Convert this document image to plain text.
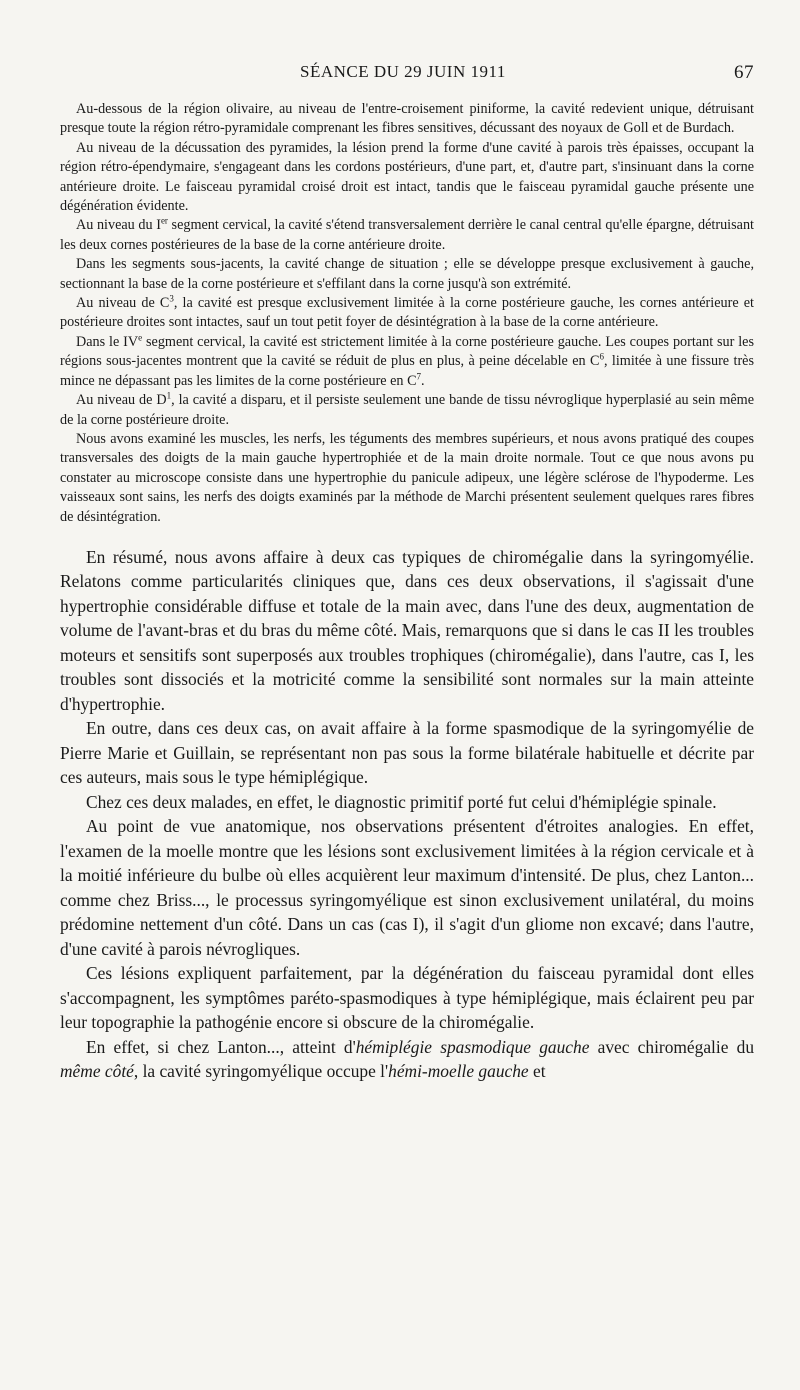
SÉANCE DU 29 JUIN 1911	67

Au-dessous de la région olivaire, au niveau de l'entre-croisement piniforme, la cavité redevient unique, détruisant presque toute la région rétro-pyramidale comprenant les fibres sensitives, décussant des noyaux de Goll et de Burdach.

Au niveau de la décussation des pyramides, la lésion prend la forme d'une cavité à parois très épaisses, occupant la région rétro-épendymaire, s'engageant dans les cordons postérieurs, d'une part, et, d'autre part, s'insinuant dans la corne antérieure droite. Le faisceau pyramidal croisé droit est intact, tandis que le faisceau pyramidal gauche présente une dégénération évidente.

Au niveau du Ier segment cervical, la cavité s'étend transversalement derrière le canal central qu'elle épargne, détruisant les deux cornes postérieures de la base de la corne antérieure droite.

Dans les segments sous-jacents, la cavité change de situation ; elle se développe presque exclusivement à gauche, sectionnant la base de la corne postérieure et s'effilant dans la corne jusqu'à son extrémité.

Au niveau de $C^3$, la cavité est presque exclusivement limitée à la corne postérieure gauche, les cornes antérieure et postérieure droites sont intactes, sauf un tout petit foyer de désintégration à la base de la corne antérieure.

Dans le IVe segment cervical, la cavité est strictement limitée à la corne postérieure gauche. Les coupes portant sur les régions sous-jacentes montrent que la cavité se réduit de plus en plus, à peine décelable en $C^6$, limitée à une fissure très mince ne dépassant pas les limites de la corne postérieure en $C^7$.

Au niveau de $D^1$, la cavité a disparu, et il persiste seulement une bande de tissu névroglique hyperplasié au sein même de la corne postérieure droite.

Nous avons examiné les muscles, les nerfs, les téguments des membres supérieurs, et nous avons pratiqué des coupes transversales des doigts de la main gauche hypertrophiée et de la main droite normale. Tout ce que nous avons pu constater au microscope consiste dans une hypertrophie du panicule adipeux, une légère sclérose de l'hypoderme. Les vaisseaux sont sains, les nerfs des doigts examinés par la méthode de Marchi présentent seulement quelques rares fibres de désintégration.

En résumé, nous avons affaire à deux cas typiques de chiromégalie dans la syringomyélie. Relatons comme particularités cliniques que, dans ces deux observations, il s'agissait d'une hypertrophie considérable diffuse et totale de la main avec, dans l'une des deux, augmentation de volume de l'avant-bras et du bras du même côté. Mais, remarquons que si dans le cas II les troubles moteurs et sensitifs sont superposés aux troubles trophiques (chiromégalie), dans l'autre, cas I, les troubles sont dissociés et la motricité comme la sensibilité sont normales sur la main atteinte d'hypertrophie.

En outre, dans ces deux cas, on avait affaire à la forme spasmodique de la syringomyélie de Pierre Marie et Guillain, se représentant non pas sous la forme bilatérale habituelle et décrite par ces auteurs, mais sous le type hémiplégique.

Chez ces deux malades, en effet, le diagnostic primitif porté fut celui d'hémiplégie spinale.

Au point de vue anatomique, nos observations présentent d'étroites analogies. En effet, l'examen de la moelle montre que les lésions sont exclusivement limitées à la région cervicale et à la moitié inférieure du bulbe où elles acquièrent leur maximum d'intensité. De plus, chez Lanton... comme chez Briss..., le processus syringomyélique est sinon exclusivement unilatéral, du moins prédomine nettement d'un côté. Dans un cas (cas I), il s'agit d'un gliome non excavé; dans l'autre, d'une cavité à parois névrogliques.

Ces lésions expliquent parfaitement, par la dégénération du faisceau pyramidal dont elles s'accompagnent, les symptômes paréto-spasmodiques à type hémiplégique, mais éclairent peu par leur topographie la pathogénie encore si obscure de la chiromégalie.

En effet, si chez Lanton..., atteint d'hémiplégie spasmodique gauche avec chiromégalie du même côté, la cavité syringomyélique occupe l'hémi-moelle gauche et
